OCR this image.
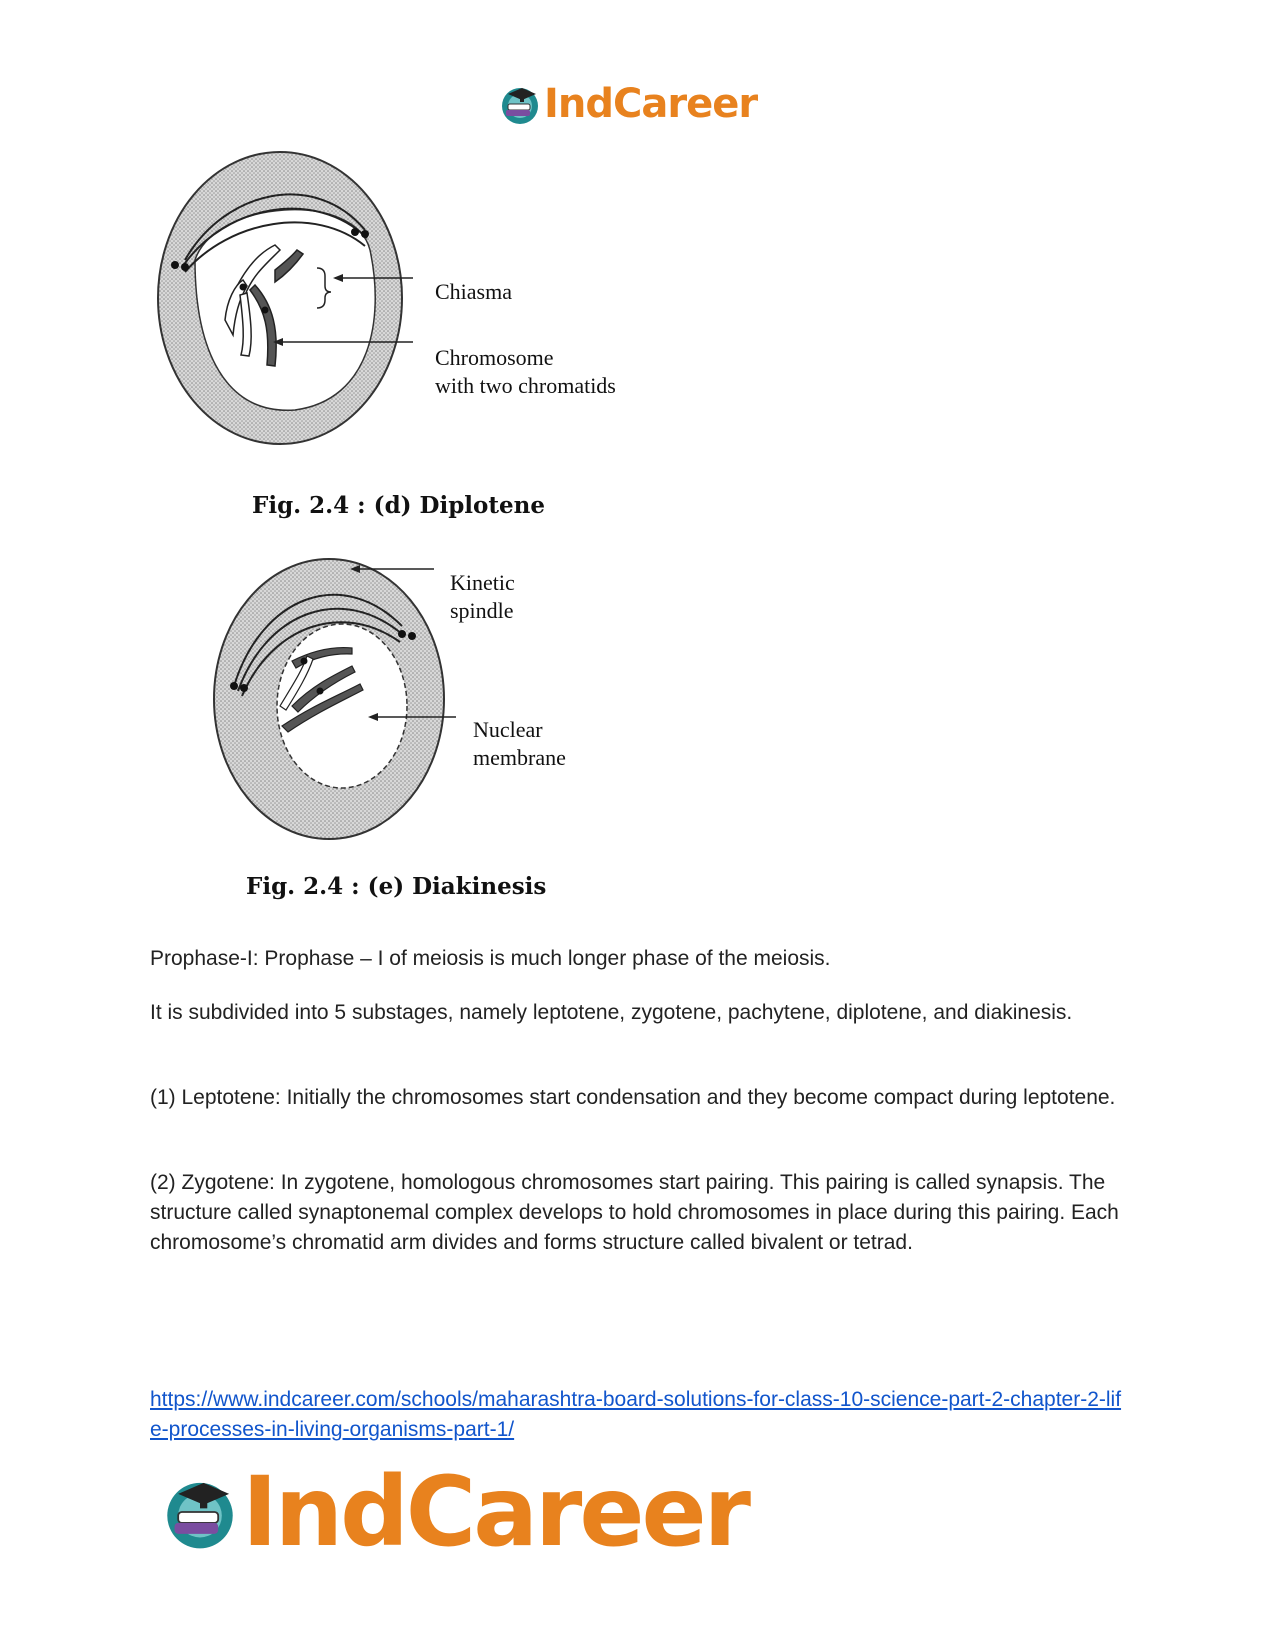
IndCareer
Chiasma
Chromosome
with two chromatids
Fig. 2.4 : (d) Diplotene
Kinetic
spindle
Nuclear
membrane
Fig. 2.4 : (e) Diakinesis

Prophase-I: Prophase – I of meiosis is much longer phase of the meiosis.

It is subdivided into 5 substages, namely leptotene, zygotene, pachytene, diplotene, and diakinesis.

(1) Leptotene: Initially the chromosomes start condensation and they become compact during leptotene.

(2) Zygotene: In zygotene, homologous chromosomes start pairing. This pairing is called synapsis. The structure called synaptonemal complex develops to hold chromosomes in place during this pairing. Each chromosome’s chromatid arm divides and forms structure called bivalent or tetrad.

https://www.indcareer.com/schools/maharashtra-board-solutions-for-class-10-science-part-2-chapter-2-life-processes-in-living-organisms-part-1/
IndCareer
